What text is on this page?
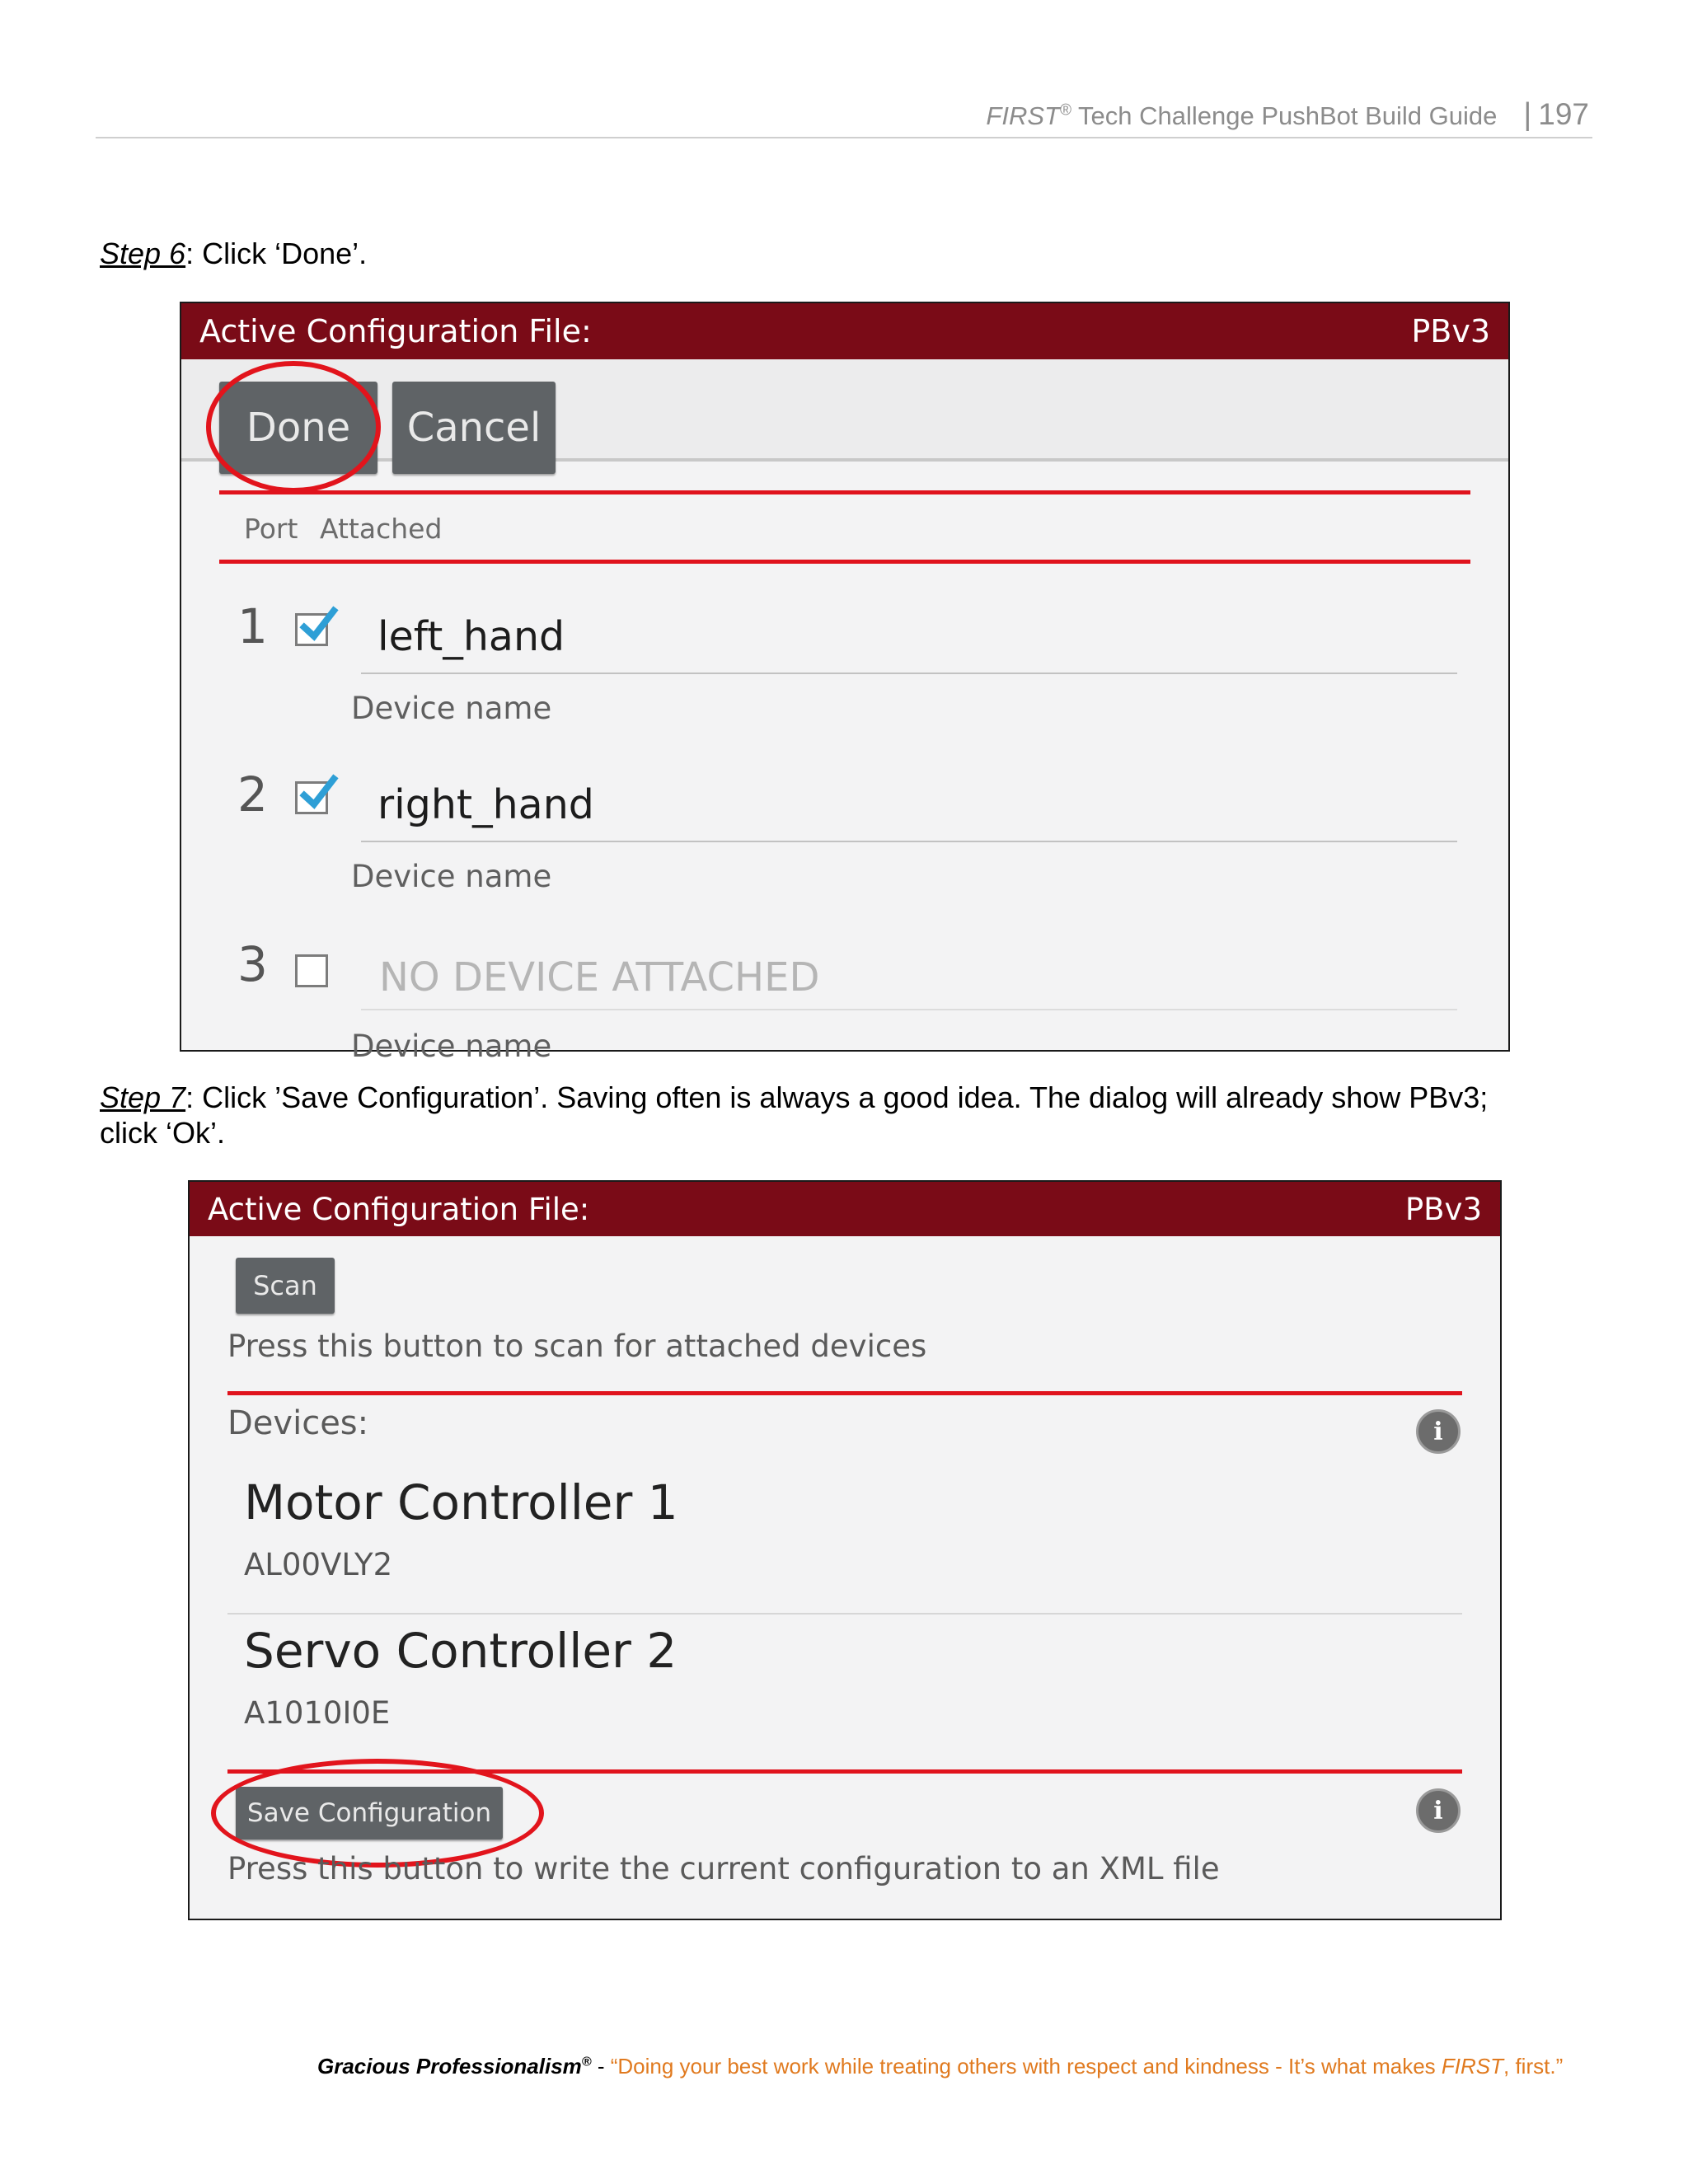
FIRST® Tech Challenge PushBot Build Guide | 197
Step 6: Click ‘Done’.
Active Configuration File:	PBv3
Done	Cancel
Port Attached
1	left_hand
Device name
2	right_hand
Device name
3	NO DEVICE ATTACHED
Device name
Step 7: Click ’Save Configuration’. Saving often is always a good idea. The dialog will already show PBv3;
click ‘Ok’.
Active Configuration File:	PBv3
Scan
Press this button to scan for attached devices
Devices:	i
Motor Controller 1
AL00VLY2
Servo Controller 2
A1010I0E
Save Configuration	i
Press this button to write the current configuration to an XML file
Gracious Professionalism® - “Doing your best work while treating others with respect and kindness - It’s what makes FIRST, first.”
